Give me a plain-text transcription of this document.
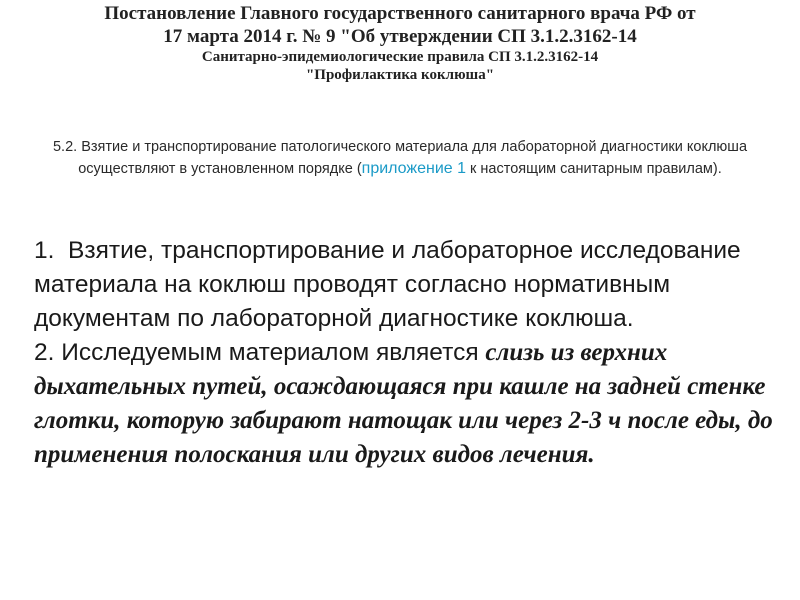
Постановление Главного государственного санитарного врача РФ от
17 марта 2014 г. № 9 "Об утверждении СП 3.1.2.3162-14
Санитарно-эпидемиологические правила СП 3.1.2.3162-14
"Профилактика коклюша"
5.2. Взятие и транспортирование патологического материала для лабораторной диагностики коклюша осуществляют в установленном порядке (приложение 1 к настоящим санитарным правилам).

1. Взятие, транспортирование и лабораторное исследование материала на коклюш проводят согласно нормативным документам по лабораторной диагностике коклюша.

2. Исследуемым материалом является слизь из верхних дыхательных путей, осаждающаяся при кашле на задней стенке глотки, которую забирают натощак или через 2-3 ч после еды, до применения полоскания или других видов лечения.
